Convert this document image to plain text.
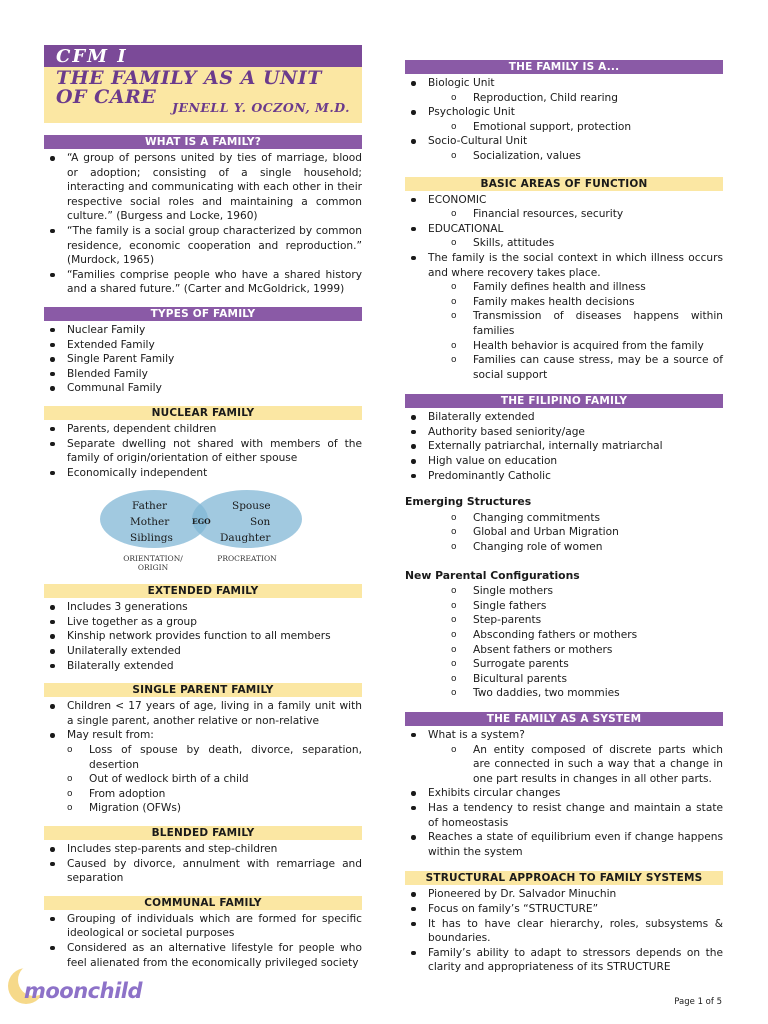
CFM I
THE FAMILY AS A UNIT OF CARE	JENELL Y. OCZON, M.D.
WHAT IS A FAMILY?
“A group of persons united by ties of marriage, blood or adoption; consisting of a single household; interacting and communicating with each other in their respective social roles and maintaining a common culture.” (Burgess and Locke, 1960)
“The family is a social group characterized by common residence, economic cooperation and reproduction.” (Murdock, 1965)
“Families comprise people who have a shared history and a shared future.” (Carter and McGoldrick, 1999)
TYPES OF FAMILY
Nuclear Family
Extended Family
Single Parent Family
Blended Family
Communal Family
NUCLEAR FAMILY
Parents, dependent children
Separate dwelling not shared with members of the family of origin/orientation of either spouse
Economically independent
Father
Mother
Siblings
EGO
Spouse
Son
Daughter
ORIENTATION/ ORIGIN
PROCREATION
EXTENDED FAMILY
Includes 3 generations
Live together as a group
Kinship network provides function to all members
Unilaterally extended
Bilaterally extended
SINGLE PARENT FAMILY
Children < 17 years of age, living in a family unit with a single parent, another relative or non-relative
May result from:
o Loss of spouse by death, divorce, separation, desertion
o Out of wedlock birth of a child
o From adoption
o Migration (OFWs)
BLENDED FAMILY
Includes step-parents and step-children
Caused by divorce, annulment with remarriage and separation
COMMUNAL FAMILY
Grouping of individuals which are formed for specific ideological or societal purposes
Considered as an alternative lifestyle for people who feel alienated from the economically privileged society
THE FAMILY IS A...
Biologic Unit
o Reproduction, Child rearing
Psychologic Unit
o Emotional support, protection
Socio-Cultural Unit
o Socialization, values
BASIC AREAS OF FUNCTION
ECONOMIC
o Financial resources, security
EDUCATIONAL
o Skills, attitudes
The family is the social context in which illness occurs and where recovery takes place.
o Family defines health and illness
o Family makes health decisions
o Transmission of diseases happens within families
o Health behavior is acquired from the family
o Families can cause stress, may be a source of social support
THE FILIPINO FAMILY
Bilaterally extended
Authority based seniority/age
Externally patriarchal, internally matriarchal
High value on education
Predominantly Catholic
Emerging Structures
o Changing commitments
o Global and Urban Migration
o Changing role of women
New Parental Configurations
o Single mothers
o Single fathers
o Step-parents
o Absconding fathers or mothers
o Absent fathers or mothers
o Surrogate parents
o Bicultural parents
o Two daddies, two mommies
THE FAMILY AS A SYSTEM
What is a system?
o An entity composed of discrete parts which are connected in such a way that a change in one part results in changes in all other parts.
Exhibits circular changes
Has a tendency to resist change and maintain a state of homeostasis
Reaches a state of equilibrium even if change happens within the system
STRUCTURAL APPROACH TO FAMILY SYSTEMS
Pioneered by Dr. Salvador Minuchin
Focus on family’s “STRUCTURE”
It has to have clear hierarchy, roles, subsystems & boundaries.
Family’s ability to adapt to stressors depends on the clarity and appropriateness of its STRUCTURE
moonchild	Page 1 of 5
